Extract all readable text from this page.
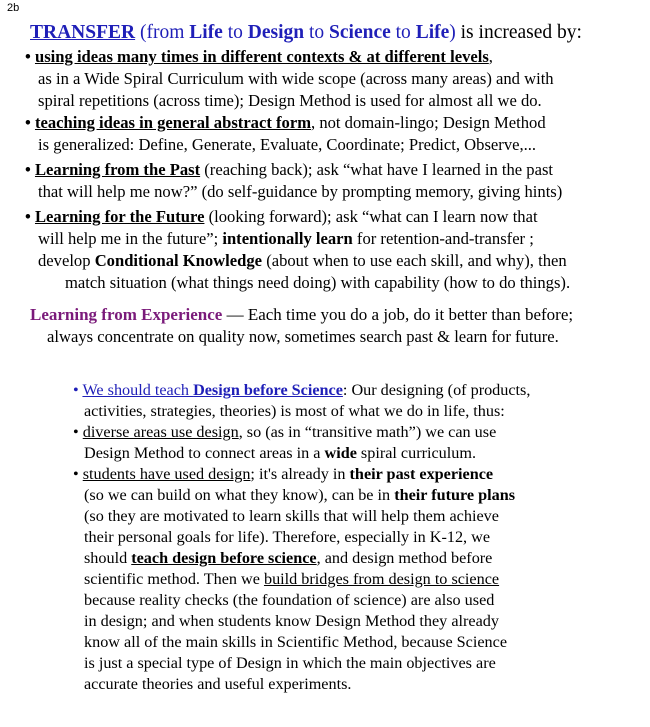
2b
TRANSFER (from Life to Design to Science to Life) is increased by:
• using ideas many times in different contexts & at different levels,
as in a Wide Spiral Curriculum with wide scope (across many areas) and with
spiral repetitions (across time); Design Method is used for almost all we do.
• teaching ideas in general abstract form, not domain-lingo; Design Method
is generalized: Define, Generate, Evaluate, Coordinate; Predict, Observe,...
• Learning from the Past (reaching back); ask “what have I learned in the past
that will help me now?” (do self-guidance by prompting memory, giving hints)
• Learning for the Future (looking forward); ask “what can I learn now that
will help me in the future”; intentionally learn for retention-and-transfer ;
develop Conditional Knowledge (about when to use each skill, and why), then
match situation (what things need doing) with capability (how to do things).
Learning from Experience — Each time you do a job, do it better than before;
always concentrate on quality now, sometimes search past & learn for future.
• We should teach Design before Science: Our designing (of products,
activities, strategies, theories) is most of what we do in life, thus:
• diverse areas use design, so (as in “transitive math”) we can use
Design Method to connect areas in a wide spiral curriculum.
• students have used design; it's already in their past experience
(so we can build on what they know), can be in their future plans
(so they are motivated to learn skills that will help them achieve
their personal goals for life). Therefore, especially in K-12, we
should teach design before science, and design method before
scientific method. Then we build bridges from design to science
because reality checks (the foundation of science) are also used
in design; and when students know Design Method they already
know all of the main skills in Scientific Method, because Science
is just a special type of Design in which the main objectives are
accurate theories and useful experiments.
